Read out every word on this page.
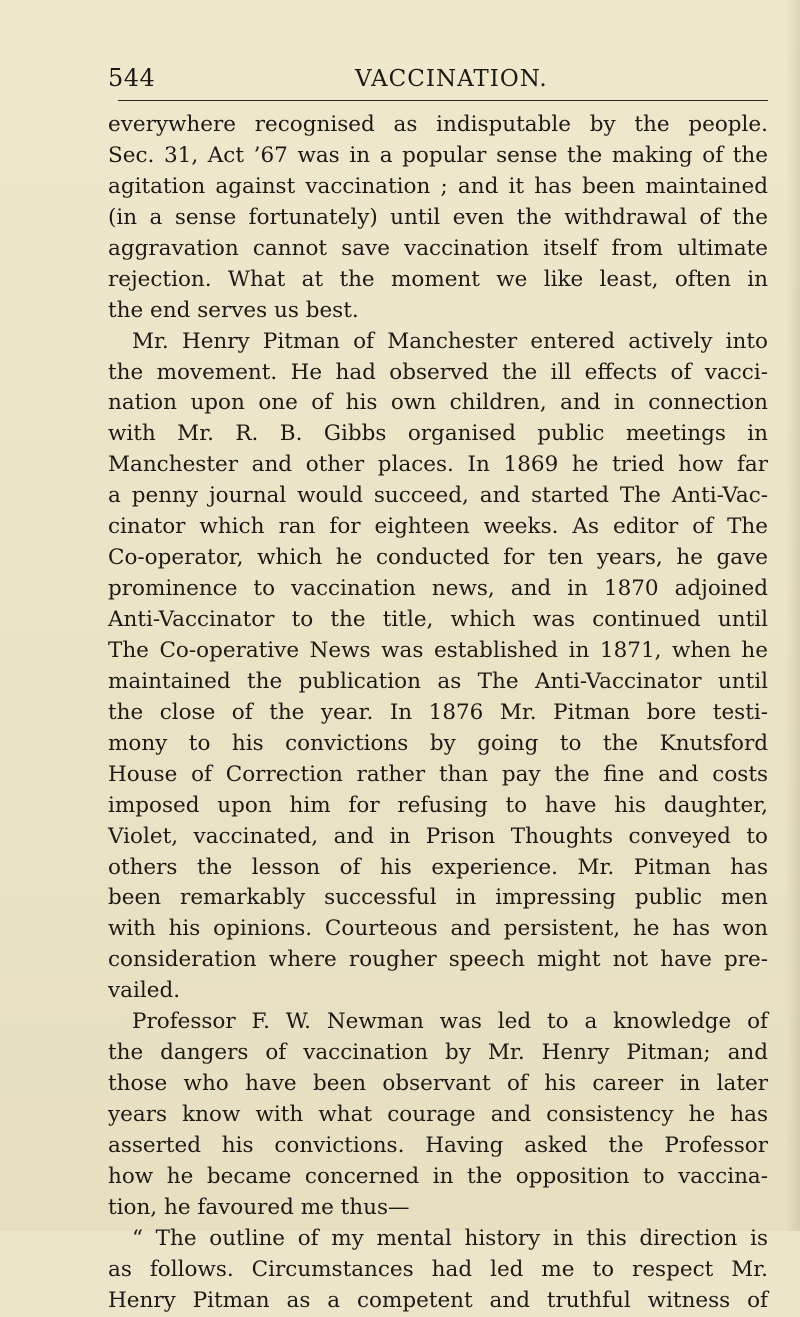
544	VACCINATION.
everywhere recognised as indisputable by the people.
Sec. 31, Act ’67 was in a popular sense the making of the
agitation against vaccination ; and it has been maintained
(in a sense fortunately) until even the withdrawal of the
aggravation cannot save vaccination itself from ultimate
rejection. What at the moment we like least, often in
the end serves us best.
Mr. Henry Pitman of Manchester entered actively into
the movement. He had observed the ill effects of vacci-
nation upon one of his own children, and in connection
with Mr. R. B. Gibbs organised public meetings in
Manchester and other places. In 1869 he tried how far
a penny journal would succeed, and started The Anti-Vac-
cinator which ran for eighteen weeks. As editor of The
Co-operator, which he conducted for ten years, he gave
prominence to vaccination news, and in 1870 adjoined
Anti-Vaccinator to the title, which was continued until
The Co-operative News was established in 1871, when he
maintained the publication as The Anti-Vaccinator until
the close of the year. In 1876 Mr. Pitman bore testi-
mony to his convictions by going to the Knutsford
House of Correction rather than pay the fine and costs
imposed upon him for refusing to have his daughter,
Violet, vaccinated, and in Prison Thoughts conveyed to
others the lesson of his experience. Mr. Pitman has
been remarkably successful in impressing public men
with his opinions. Courteous and persistent, he has won
consideration where rougher speech might not have pre-
vailed.
Professor F. W. Newman was led to a knowledge of
the dangers of vaccination by Mr. Henry Pitman; and
those who have been observant of his career in later
years know with what courage and consistency he has
asserted his convictions. Having asked the Professor
how he became concerned in the opposition to vaccina-
tion, he favoured me thus—
“ The outline of my mental history in this direction is
as follows. Circumstances had led me to respect Mr.
Henry Pitman as a competent and truthful witness of
